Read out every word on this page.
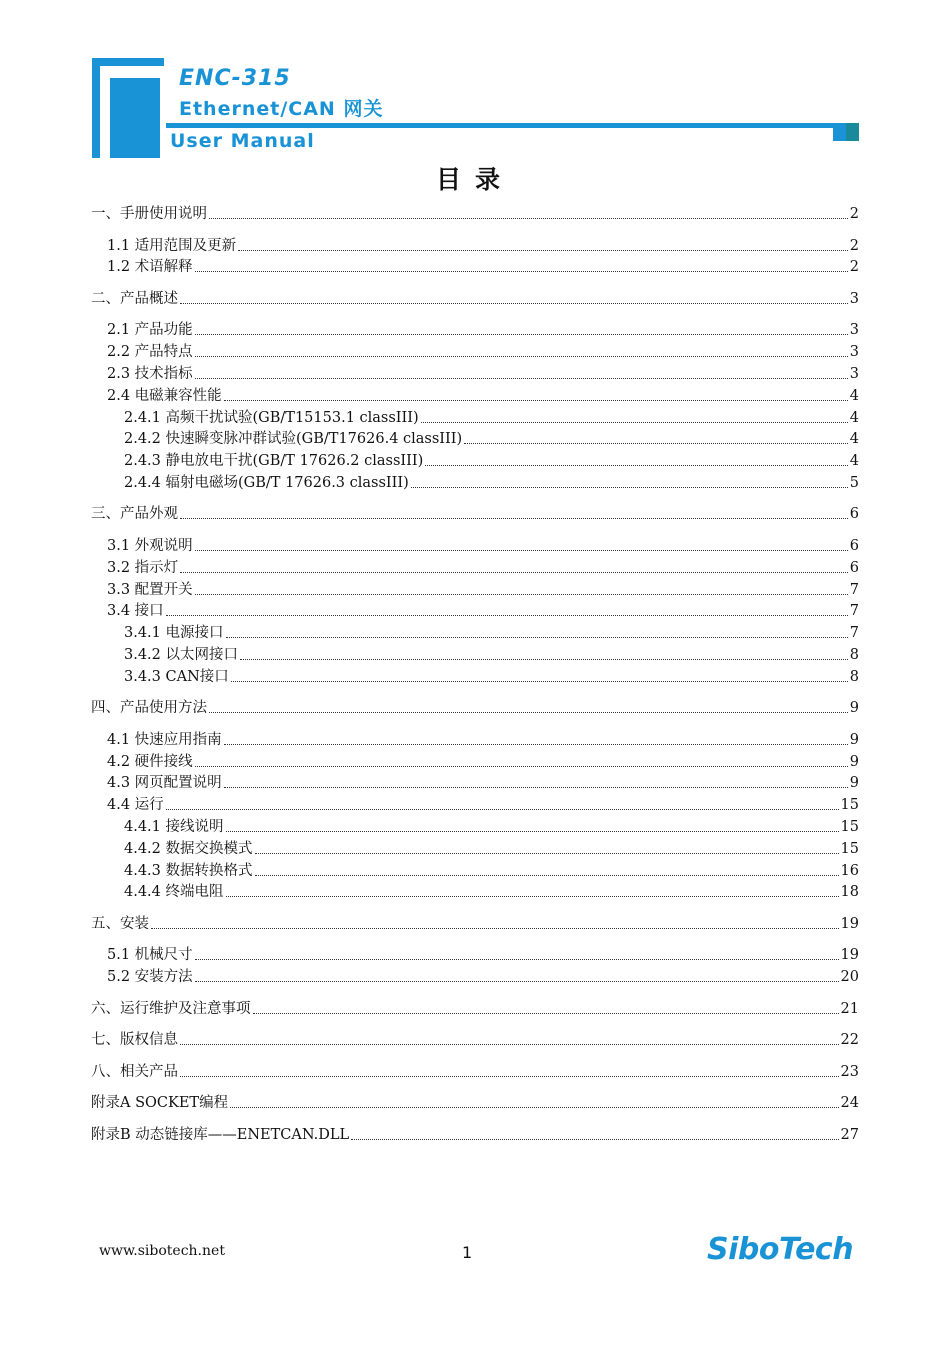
ENC-315
Ethernet/CAN 网关
User Manual
目录
一、手册使用说明	2
1.1 适用范围及更新	2
1.2 术语解释	2
二、产品概述	3
2.1 产品功能	3
2.2 产品特点	3
2.3 技术指标	3
2.4 电磁兼容性能	4
2.4.1 高频干扰试验(GB/T15153.1 classIII)	4
2.4.2 快速瞬变脉冲群试验(GB/T17626.4 classIII)	4
2.4.3 静电放电干扰(GB/T 17626.2 classIII)	4
2.4.4 辐射电磁场(GB/T 17626.3 classIII)	5
三、产品外观	6
3.1 外观说明	6
3.2 指示灯	6
3.3 配置开关	7
3.4 接口	7
3.4.1 电源接口	7
3.4.2 以太网接口	8
3.4.3 CAN接口	8
四、产品使用方法	9
4.1 快速应用指南	9
4.2 硬件接线	9
4.3 网页配置说明	9
4.4 运行	15
4.4.1 接线说明	15
4.4.2 数据交换模式	15
4.4.3 数据转换格式	16
4.4.4 终端电阻	18
五、安装	19
5.1 机械尺寸	19
5.2 安装方法	20
六、运行维护及注意事项	21
七、版权信息	22
八、相关产品	23
附录A SOCKET编程	24
附录B 动态链接库——ENETCAN.DLL	27
www.sibotech.net	1	SiboTech
